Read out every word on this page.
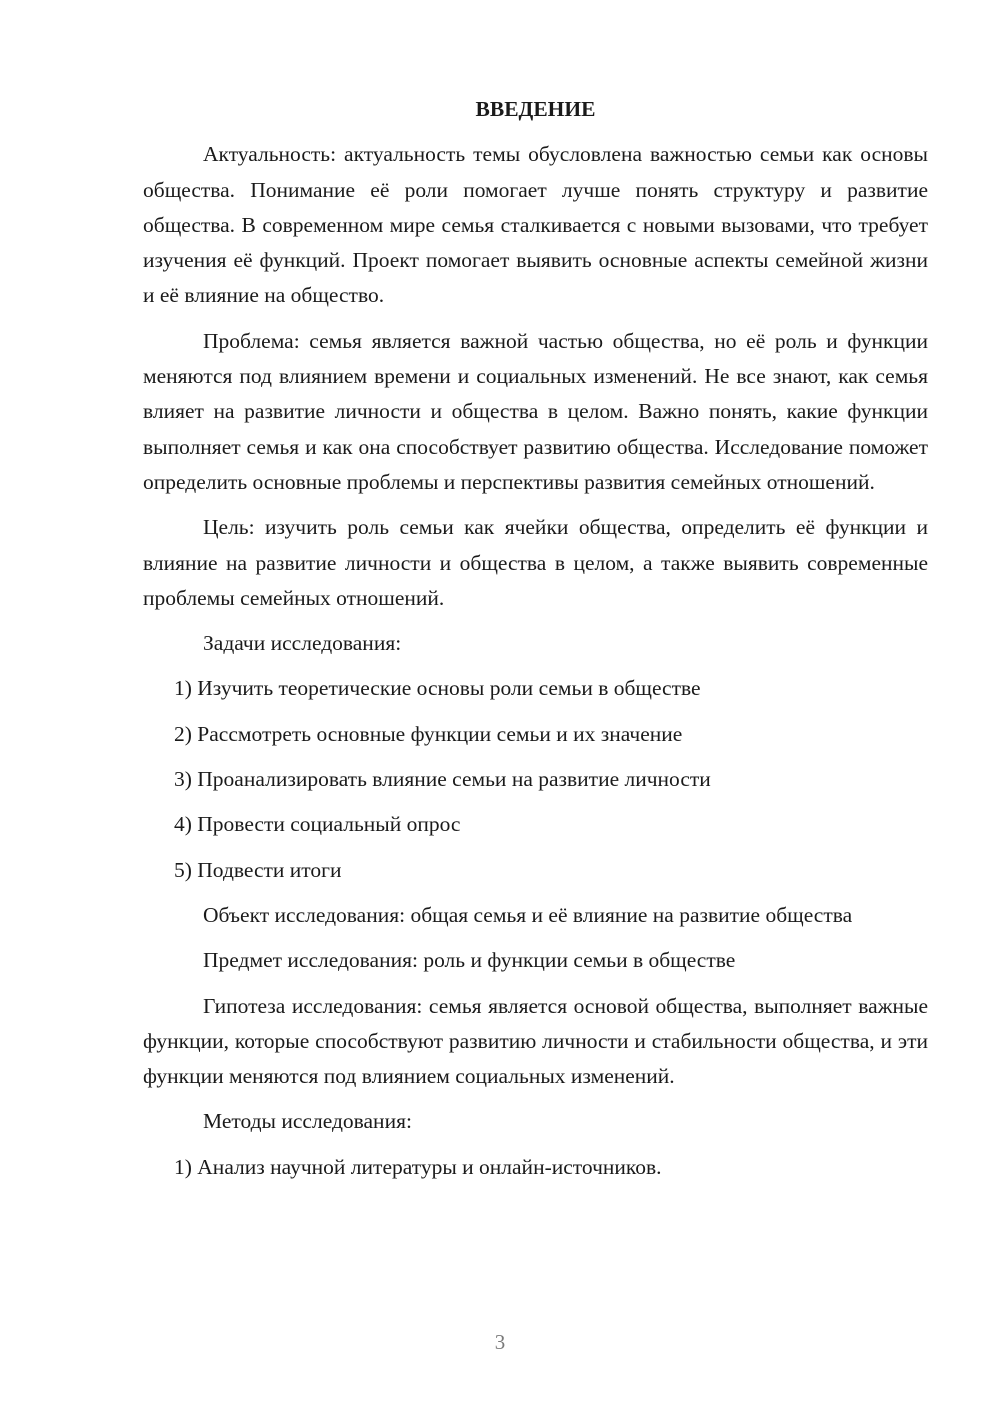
ВВЕДЕНИЕ

Актуальность: актуальность темы обусловлена важностью семьи как основы общества. Понимание её роли помогает лучше понять структуру и развитие общества. В современном мире семья сталкивается с новыми вызовами, что требует изучения её функций. Проект помогает выявить основные аспекты семейной жизни и её влияние на общество.

Проблема: семья является важной частью общества, но её роль и функции меняются под влиянием времени и социальных изменений. Не все знают, как семья влияет на развитие личности и общества в целом. Важно понять, какие функции выполняет семья и как она способствует развитию общества. Исследование поможет определить основные проблемы и перспективы развития семейных отношений.

Цель: изучить роль семьи как ячейки общества, определить её функции и влияние на развитие личности и общества в целом, а также выявить современные проблемы семейных отношений.

Задачи исследования:

1) Изучить теоретические основы роли семьи в обществе
2) Рассмотреть основные функции семьи и их значение
3) Проанализировать влияние семьи на развитие личности
4) Провести социальный опрос
5) Подвести итоги

Объект исследования: общая семья и её влияние на развитие общества

Предмет исследования: роль и функции семьи в обществе

Гипотеза исследования: семья является основой общества, выполняет важные функции, которые способствуют развитию личности и стабильности общества, и эти функции меняются под влиянием социальных изменений.

Методы исследования:

1) Анализ научной литературы и онлайн-источников.
3
